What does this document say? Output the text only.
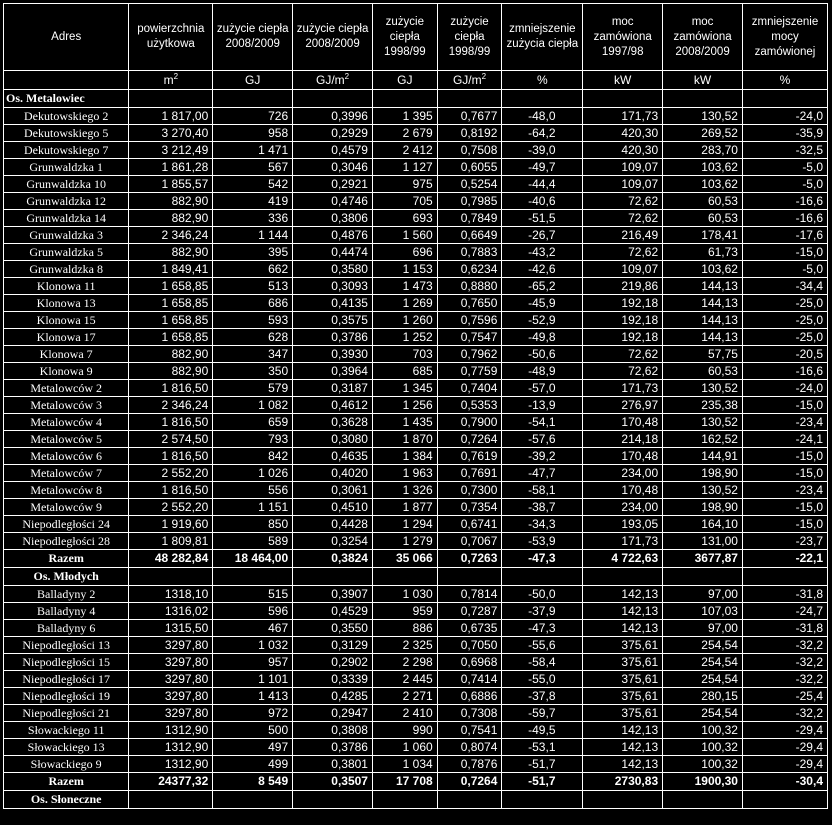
Adres	powierzchnia użytkowa	zużycie ciepła 2008/2009	zużycie ciepła 2008/2009	zużycie ciepła 1998/99	zużycie ciepła 1998/99	zmniejszenie zużycia ciepła	moc zamówiona 1997/98	moc zamówiona 2008/2009	zmniejszenie mocy zamówionej
	$m^2$	GJ	$GJ/m^2$	GJ	$GJ/m^2$	%	kW	kW	%
Os. Metalowiec									
Dekutowskiego 2	1 817,00	726	0,3996	1 395	0,7677	-48,0	171,73	130,52	-24,0
Dekutowskiego 5	3 270,40	958	0,2929	2 679	0,8192	-64,2	420,30	269,52	-35,9
Dekutowskiego 7	3 212,49	1 471	0,4579	2 412	0,7508	-39,0	420,30	283,70	-32,5
Grunwaldzka 1	1 861,28	567	0,3046	1 127	0,6055	-49,7	109,07	103,62	-5,0
Grunwaldzka 10	1 855,57	542	0,2921	975	0,5254	-44,4	109,07	103,62	-5,0
Grunwaldzka 12	882,90	419	0,4746	705	0,7985	-40,6	72,62	60,53	-16,6
Grunwaldzka 14	882,90	336	0,3806	693	0,7849	-51,5	72,62	60,53	-16,6
Grunwaldzka 3	2 346,24	1 144	0,4876	1 560	0,6649	-26,7	216,49	178,41	-17,6
Grunwaldzka 5	882,90	395	0,4474	696	0,7883	-43,2	72,62	61,73	-15,0
Grunwaldzka 8	1 849,41	662	0,3580	1 153	0,6234	-42,6	109,07	103,62	-5,0
Klonowa 11	1 658,85	513	0,3093	1 473	0,8880	-65,2	219,86	144,13	-34,4
Klonowa 13	1 658,85	686	0,4135	1 269	0,7650	-45,9	192,18	144,13	-25,0
Klonowa 15	1 658,85	593	0,3575	1 260	0,7596	-52,9	192,18	144,13	-25,0
Klonowa 17	1 658,85	628	0,3786	1 252	0,7547	-49,8	192,18	144,13	-25,0
Klonowa 7	882,90	347	0,3930	703	0,7962	-50,6	72,62	57,75	-20,5
Klonowa 9	882,90	350	0,3964	685	0,7759	-48,9	72,62	60,53	-16,6
Metalowców 2	1 816,50	579	0,3187	1 345	0,7404	-57,0	171,73	130,52	-24,0
Metalowców 3	2 346,24	1 082	0,4612	1 256	0,5353	-13,9	276,97	235,38	-15,0
Metalowców 4	1 816,50	659	0,3628	1 435	0,7900	-54,1	170,48	130,52	-23,4
Metalowców 5	2 574,50	793	0,3080	1 870	0,7264	-57,6	214,18	162,52	-24,1
Metalowców 6	1 816,50	842	0,4635	1 384	0,7619	-39,2	170,48	144,91	-15,0
Metalowców 7	2 552,20	1 026	0,4020	1 963	0,7691	-47,7	234,00	198,90	-15,0
Metalowców 8	1 816,50	556	0,3061	1 326	0,7300	-58,1	170,48	130,52	-23,4
Metalowców 9	2 552,20	1 151	0,4510	1 877	0,7354	-38,7	234,00	198,90	-15,0
Niepodległości 24	1 919,60	850	0,4428	1 294	0,6741	-34,3	193,05	164,10	-15,0
Niepodległości 28	1 809,81	589	0,3254	1 279	0,7067	-53,9	171,73	131,00	-23,7
Razem	48 282,84	18 464,00	0,3824	35 066	0,7263	-47,3	4 722,63	3677,87	-22,1
Os. Młodych									
Balladyny 2	1318,10	515	0,3907	1 030	0,7814	-50,0	142,13	97,00	-31,8
Balladyny 4	1316,02	596	0,4529	959	0,7287	-37,9	142,13	107,03	-24,7
Balladyny 6	1315,50	467	0,3550	886	0,6735	-47,3	142,13	97,00	-31,8
Niepodległości 13	3297,80	1 032	0,3129	2 325	0,7050	-55,6	375,61	254,54	-32,2
Niepodległości 15	3297,80	957	0,2902	2 298	0,6968	-58,4	375,61	254,54	-32,2
Niepodległości 17	3297,80	1 101	0,3339	2 445	0,7414	-55,0	375,61	254,54	-32,2
Niepodległości 19	3297,80	1 413	0,4285	2 271	0,6886	-37,8	375,61	280,15	-25,4
Niepodległości 21	3297,80	972	0,2947	2 410	0,7308	-59,7	375,61	254,54	-32,2
Słowackiego 11	1312,90	500	0,3808	990	0,7541	-49,5	142,13	100,32	-29,4
Słowackiego 13	1312,90	497	0,3786	1 060	0,8074	-53,1	142,13	100,32	-29,4
Słowackiego 9	1312,90	499	0,3801	1 034	0,7876	-51,7	142,13	100,32	-29,4
Razem	24377,32	8 549	0,3507	17 708	0,7264	-51,7	2730,83	1900,30	-30,4
Os. Słoneczne									
